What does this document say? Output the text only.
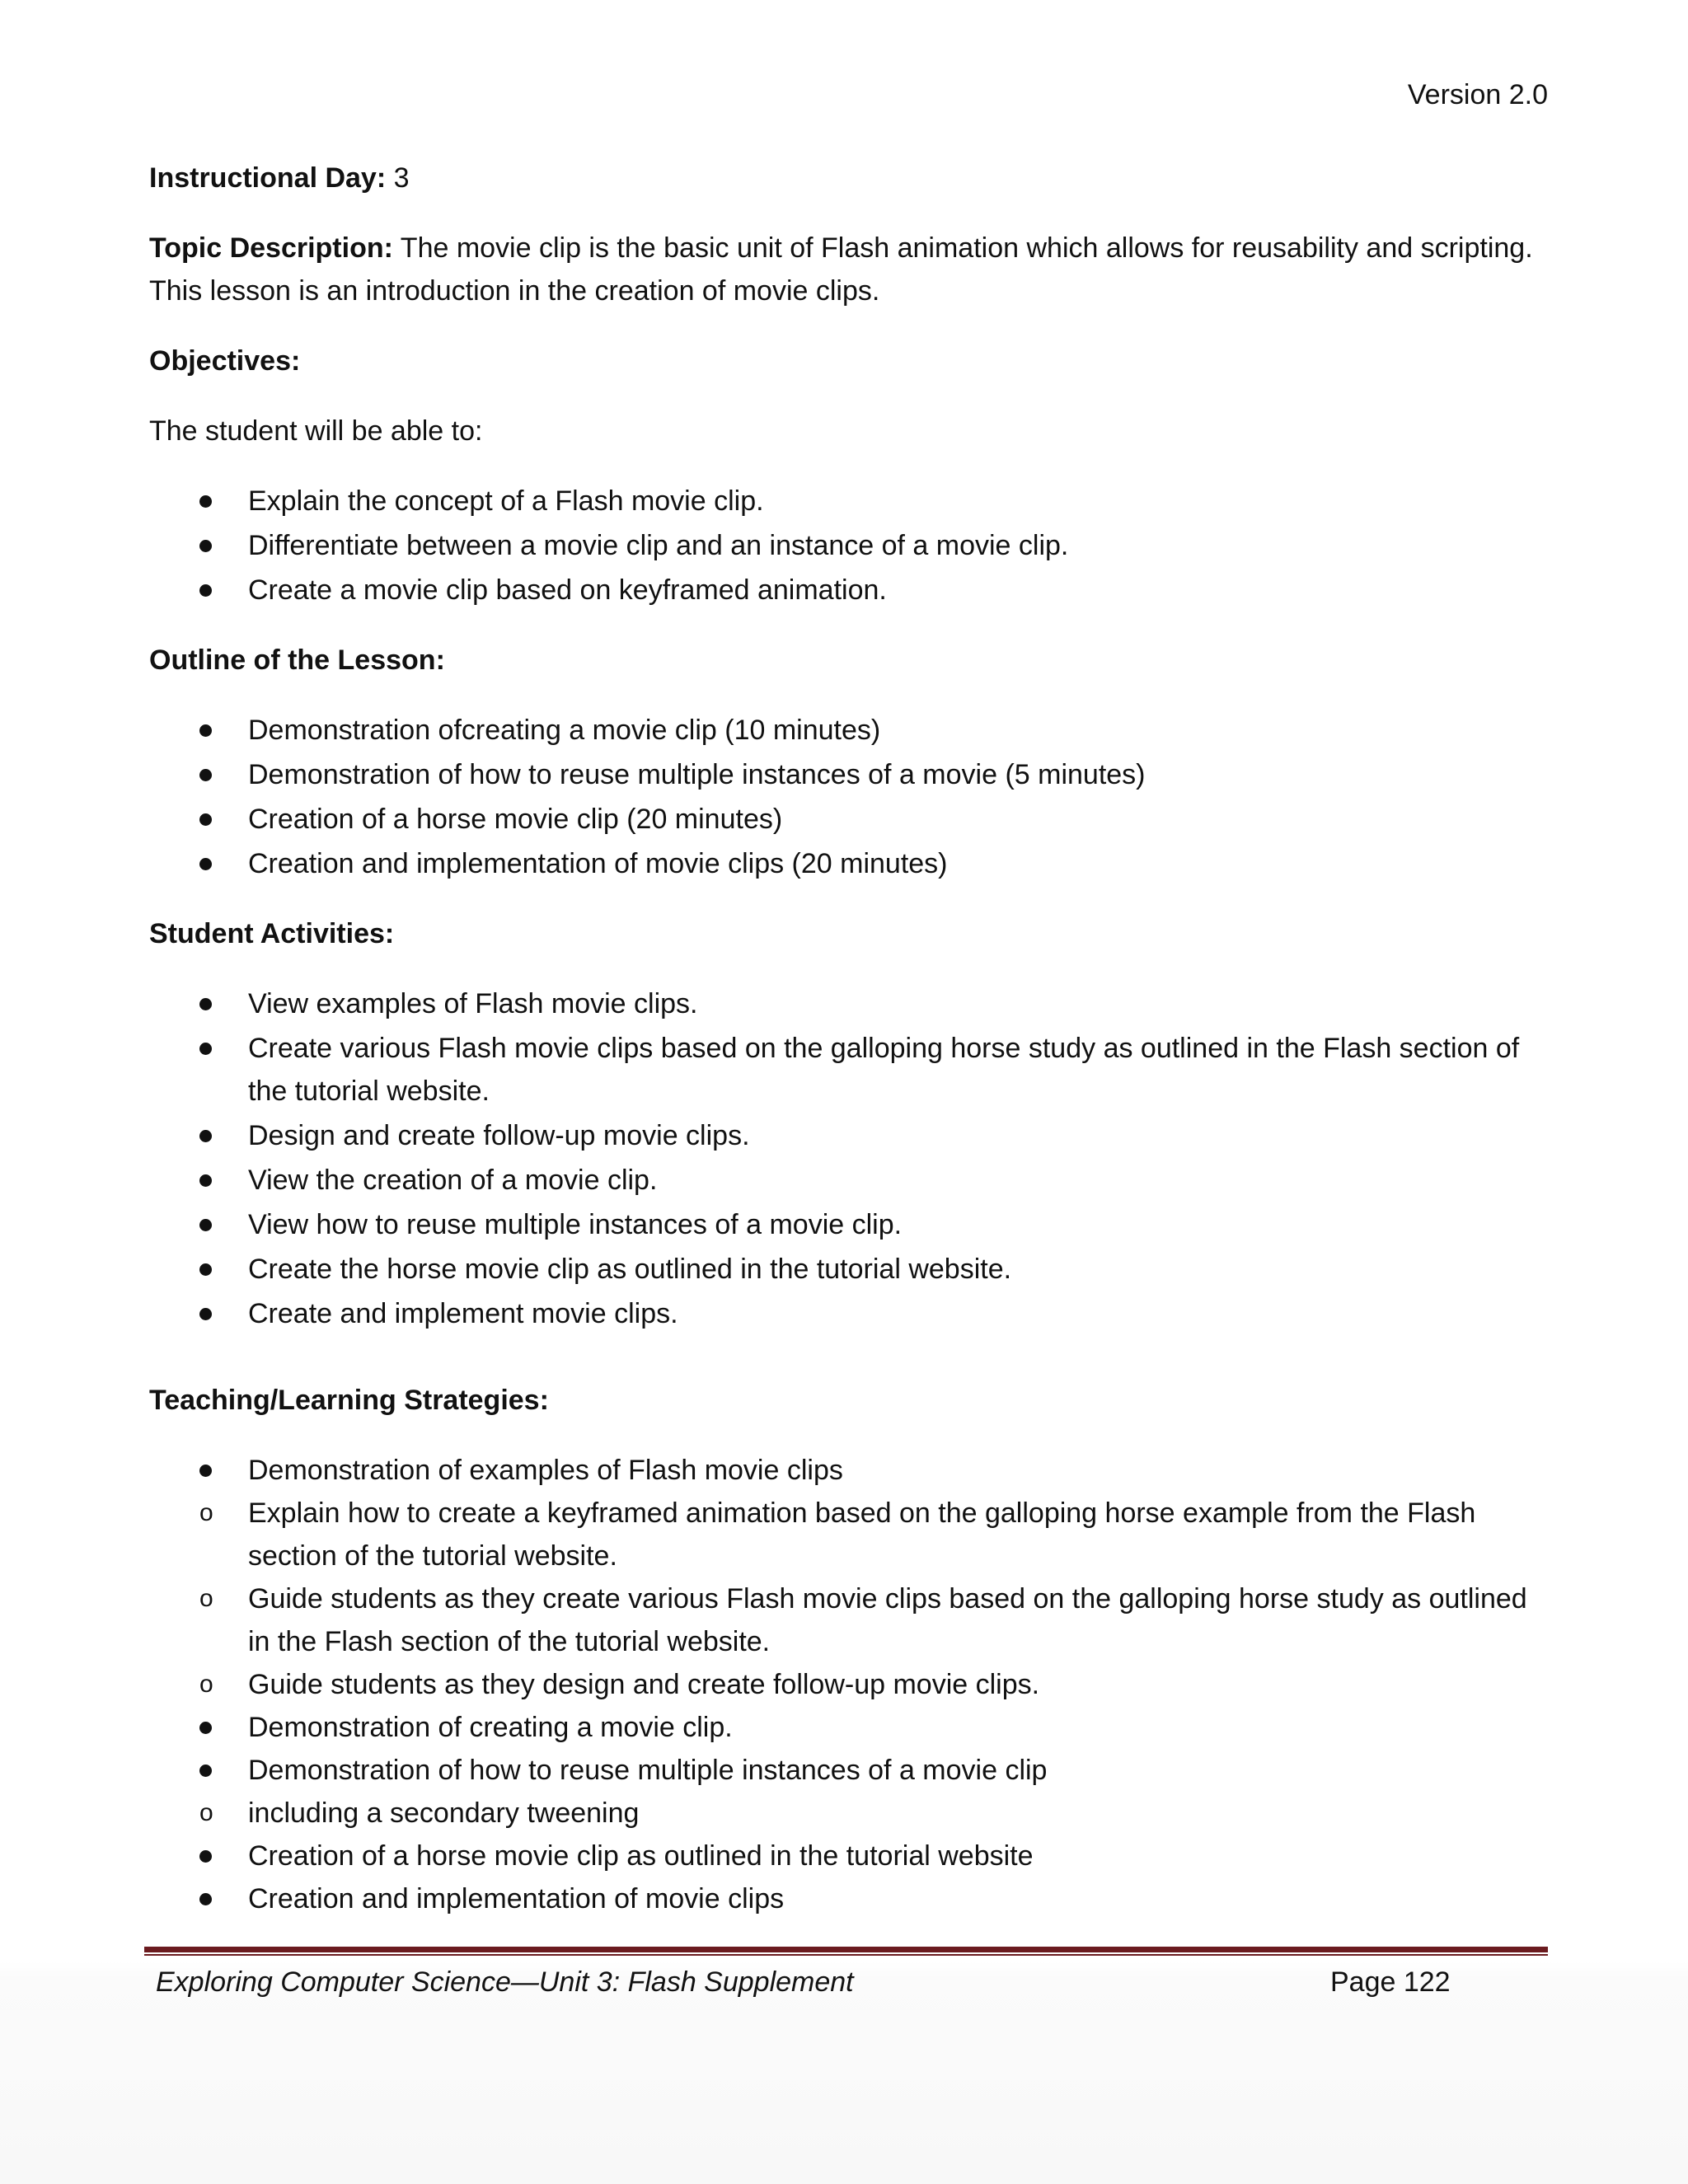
Version 2.0

Instructional Day: 3

Topic Description: The movie clip is the basic unit of Flash animation which allows for reusability and scripting. This lesson is an introduction in the creation of movie clips.

Objectives:

The student will be able to:

Explain the concept of a Flash movie clip.
Differentiate between a movie clip and an instance of a movie clip.
Create a movie clip based on keyframed animation.

Outline of the Lesson:

Demonstration ofcreating a movie clip (10 minutes)
Demonstration of how to reuse multiple instances of a movie (5 minutes)
Creation of a horse movie clip (20 minutes)
Creation and implementation of movie clips (20 minutes)

Student Activities:

View examples of Flash movie clips.
Create various Flash movie clips based on the galloping horse study as outlined in the Flash section of the tutorial website.
Design and create follow-up movie clips.
View the creation of a movie clip.
View how to reuse multiple instances of a movie clip.
Create the horse movie clip as outlined in the tutorial website.
Create and implement movie clips.

Teaching/Learning Strategies:

Demonstration of examples of Flash movie clips
o Explain how to create a keyframed animation based on the galloping horse example from the Flash section of the tutorial website.
o Guide students as they create various Flash movie clips based on the galloping horse study as outlined in the Flash section of the tutorial website.
o Guide students as they design and create follow-up movie clips.
Demonstration of creating a movie clip.
Demonstration of how to reuse multiple instances of a movie clip
o including a secondary tweening
Creation of a horse movie clip as outlined in the tutorial website
Creation and implementation of movie clips
Exploring Computer Science—Unit 3: Flash Supplement	Page 122
